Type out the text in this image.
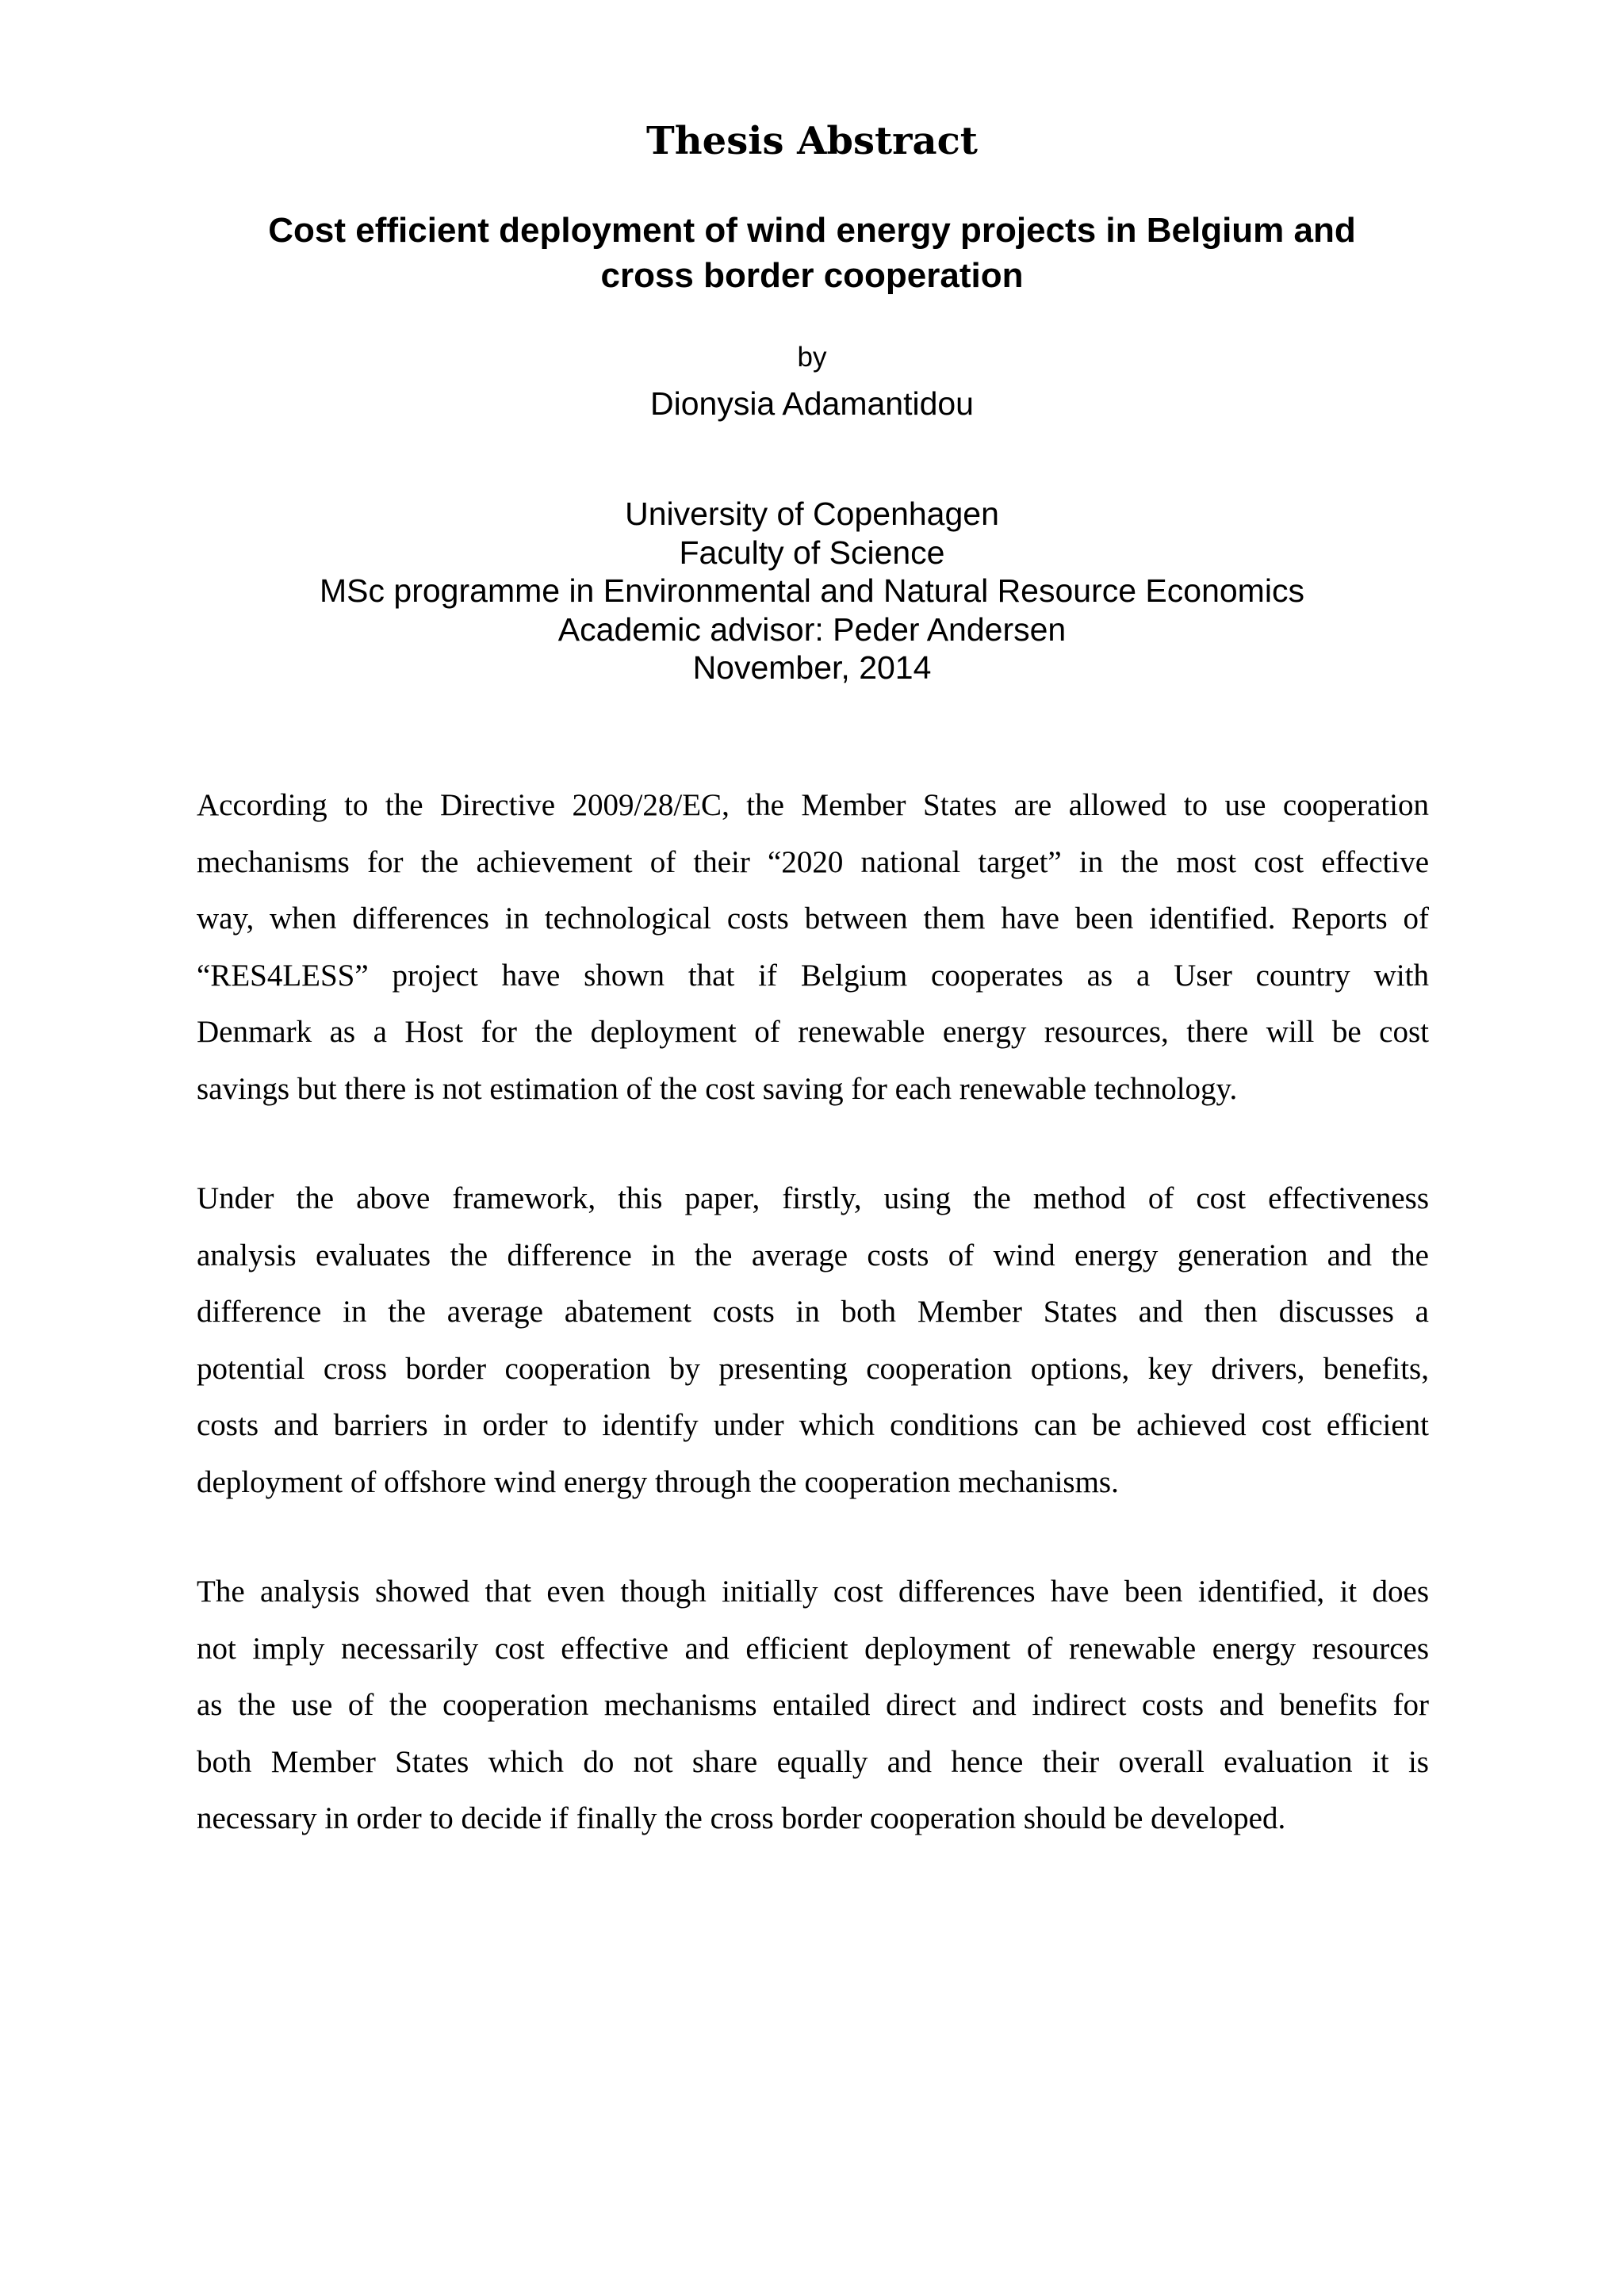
Thesis Abstract
Cost efficient deployment of wind energy projects in Belgium and
cross border cooperation
by
Dionysia Adamantidou
University of Copenhagen
Faculty of Science
MSc programme in Environmental and Natural Resource Economics
Academic advisor: Peder Andersen
November, 2014

According to the Directive 2009/28/EC, the Member States are allowed to use cooperation
mechanisms for the achievement of their “2020 national target” in the most cost effective
way, when differences in technological costs between them have been identified. Reports of
“RES4LESS” project have shown that if Belgium cooperates as a User country with
Denmark as a Host for the deployment of renewable energy resources, there will be cost
savings but there is not estimation of the cost saving for each renewable technology.

Under the above framework, this paper, firstly, using the method of cost effectiveness
analysis evaluates the difference in the average costs of wind energy generation and the
difference in the average abatement costs in both Member States and then discusses a
potential cross border cooperation by presenting cooperation options, key drivers, benefits,
costs and barriers in order to identify under which conditions can be achieved cost efficient
deployment of offshore wind energy through the cooperation mechanisms.

The analysis showed that even though initially cost differences have been identified, it does
not imply necessarily cost effective and efficient deployment of renewable energy resources
as the use of the cooperation mechanisms entailed direct and indirect costs and benefits for
both Member States which do not share equally and hence their overall evaluation it is
necessary in order to decide if finally the cross border cooperation should be developed.
